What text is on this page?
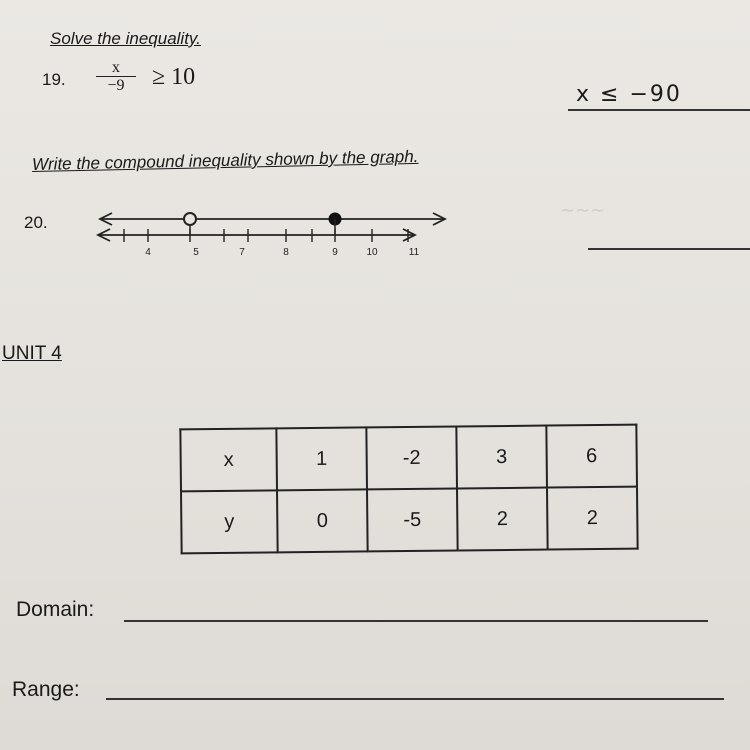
∼∼∼
Solve the inequality.
19. $\frac{x}{-9} \ge 10$
x ≤ −90
Write the compound inequality shown by the graph.
20.
4	5	7	8	9	10	11
UNIT 4
x	1	-2	3	6
y	0	-5	2	2
Domain:
Range:
